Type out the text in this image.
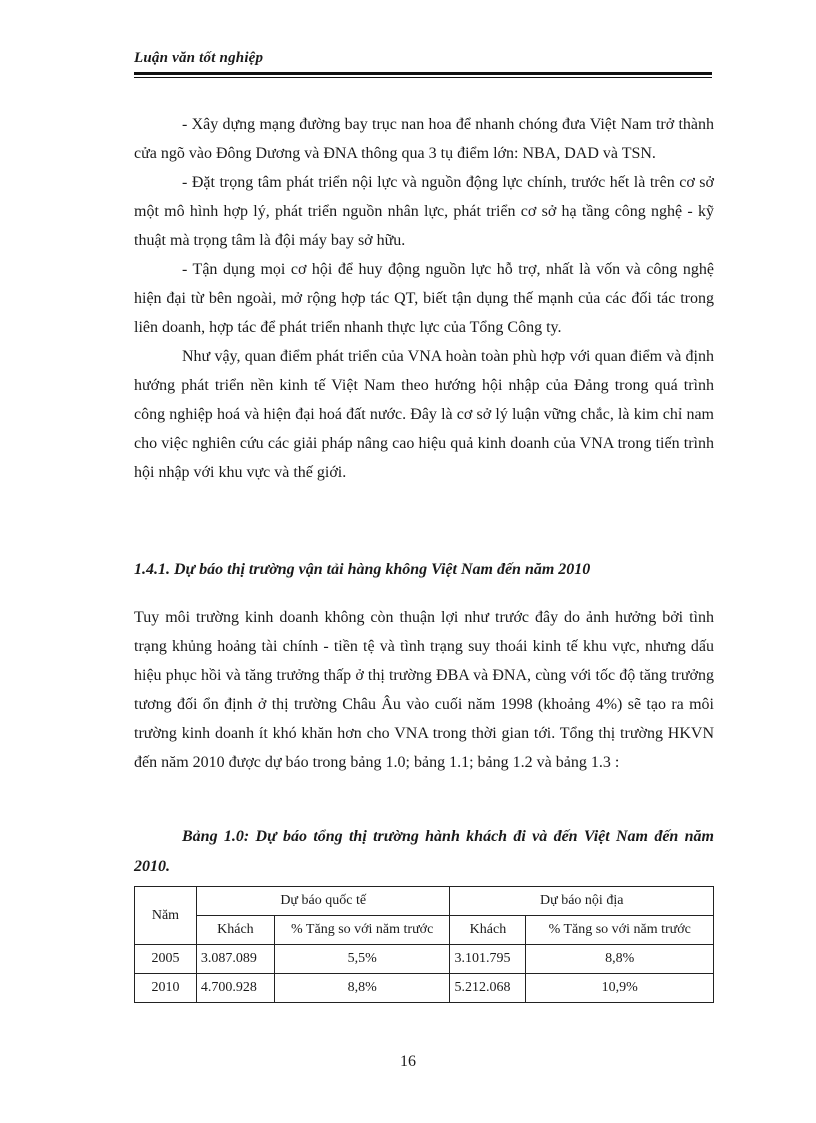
Luận văn tốt nghiệp

- Xây dựng mạng đường bay trục nan hoa để nhanh chóng đưa Việt Nam trở thành cửa ngõ vào Đông Dương và ĐNA thông qua 3 tụ điểm lớn: NBA, DAD và TSN.

- Đặt trọng tâm phát triển nội lực và nguồn động lực chính, trước hết là trên cơ sở một mô hình hợp lý, phát triển nguồn nhân lực, phát triển cơ sở hạ tầng công nghệ - kỹ thuật mà trọng tâm là đội máy bay sở hữu.

- Tận dụng mọi cơ hội để huy động nguồn lực hỗ trợ, nhất là vốn và công nghệ hiện đại từ bên ngoài, mở rộng hợp tác QT, biết tận dụng thế mạnh của các đối tác trong liên doanh, hợp tác để phát triển nhanh thực lực của Tổng Công ty.

Như vậy, quan điểm phát triển của VNA hoàn toàn phù hợp với quan điểm và định hướng phát triển nền kinh tế Việt Nam theo hướng hội nhập của Đảng trong quá trình công nghiệp hoá và hiện đại hoá đất nước. Đây là cơ sở lý luận vững chắc, là kim chỉ nam cho việc nghiên cứu các giải pháp nâng cao hiệu quả kinh doanh của VNA trong tiến trình hội nhập với khu vực và thế giới.

1.4.1. Dự báo thị trường vận tải hàng không Việt Nam đến năm 2010

Tuy môi trường kinh doanh không còn thuận lợi như trước đây do ảnh hưởng bởi tình trạng khủng hoảng tài chính - tiền tệ và tình trạng suy thoái kinh tế khu vực, nhưng dấu hiệu phục hồi và tăng trưởng thấp ở thị trường ĐBA và ĐNA, cùng với tốc độ tăng trưởng tương đối ổn định ở thị trường Châu Âu vào cuối năm 1998 (khoảng 4%) sẽ tạo ra môi trường kinh doanh ít khó khăn hơn cho VNA trong thời gian tới. Tổng thị trường HKVN đến năm 2010 được dự báo trong bảng 1.0; bảng 1.1; bảng 1.2 và bảng 1.3 :

Bảng 1.0: Dự báo tổng thị trường hành khách đi và đến Việt Nam đến năm 2010.
Năm	Dự báo quốc tế		Dự báo nội địa	
	Khách	% Tăng so với năm trước	Khách	% Tăng so với năm trước
2005	3.087.089	5,5%	3.101.795	8,8%
2010	4.700.928	8,8%	5.212.068	10,9%
16
